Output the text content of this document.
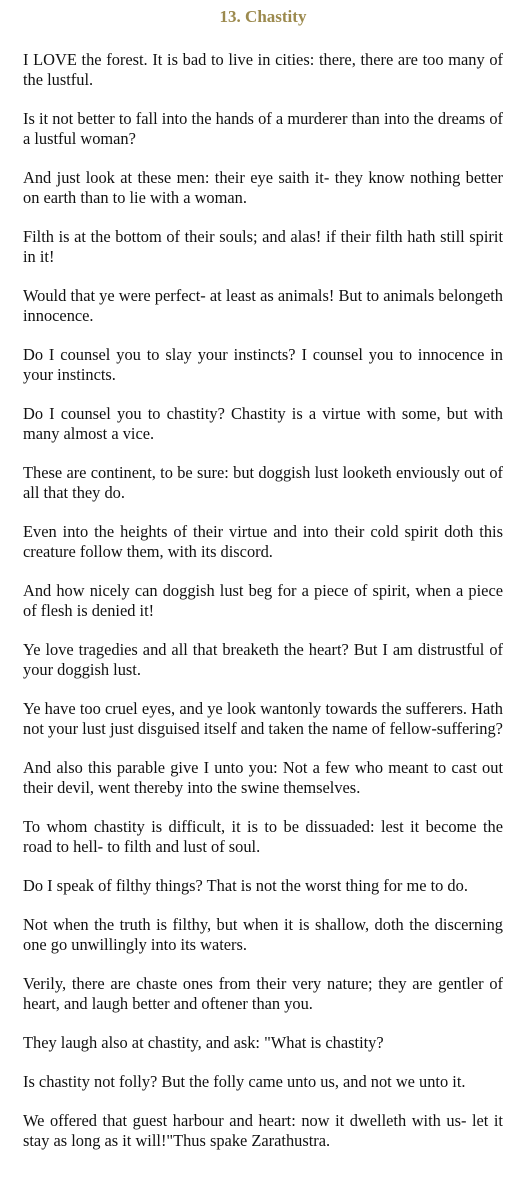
13. Chastity

I LOVE the forest. It is bad to live in cities: there, there are too many of the lustful.

Is it not better to fall into the hands of a murderer than into the dreams of a lustful woman?

And just look at these men: their eye saith it- they know nothing better on earth than to lie with a woman.

Filth is at the bottom of their souls; and alas! if their filth hath still spirit in it!

Would that ye were perfect- at least as animals! But to animals belongeth innocence.

Do I counsel you to slay your instincts? I counsel you to innocence in your instincts.

Do I counsel you to chastity? Chastity is a virtue with some, but with many almost a vice.

These are continent, to be sure: but doggish lust looketh enviously out of all that they do.

Even into the heights of their virtue and into their cold spirit doth this creature follow them, with its discord.

And how nicely can doggish lust beg for a piece of spirit, when a piece of flesh is denied it!

Ye love tragedies and all that breaketh the heart? But I am distrustful of your doggish lust.

Ye have too cruel eyes, and ye look wantonly towards the sufferers. Hath not your lust just disguised itself and taken the name of fellow-suffering?

And also this parable give I unto you: Not a few who meant to cast out their devil, went thereby into the swine themselves.

To whom chastity is difficult, it is to be dissuaded: lest it become the road to hell- to filth and lust of soul.

Do I speak of filthy things? That is not the worst thing for me to do.

Not when the truth is filthy, but when it is shallow, doth the discerning one go unwillingly into its waters.

Verily, there are chaste ones from their very nature; they are gentler of heart, and laugh better and oftener than you.

They laugh also at chastity, and ask: "What is chastity?

Is chastity not folly? But the folly came unto us, and not we unto it.

We offered that guest harbour and heart: now it dwelleth with us- let it stay as long as it will!"Thus spake Zarathustra.
